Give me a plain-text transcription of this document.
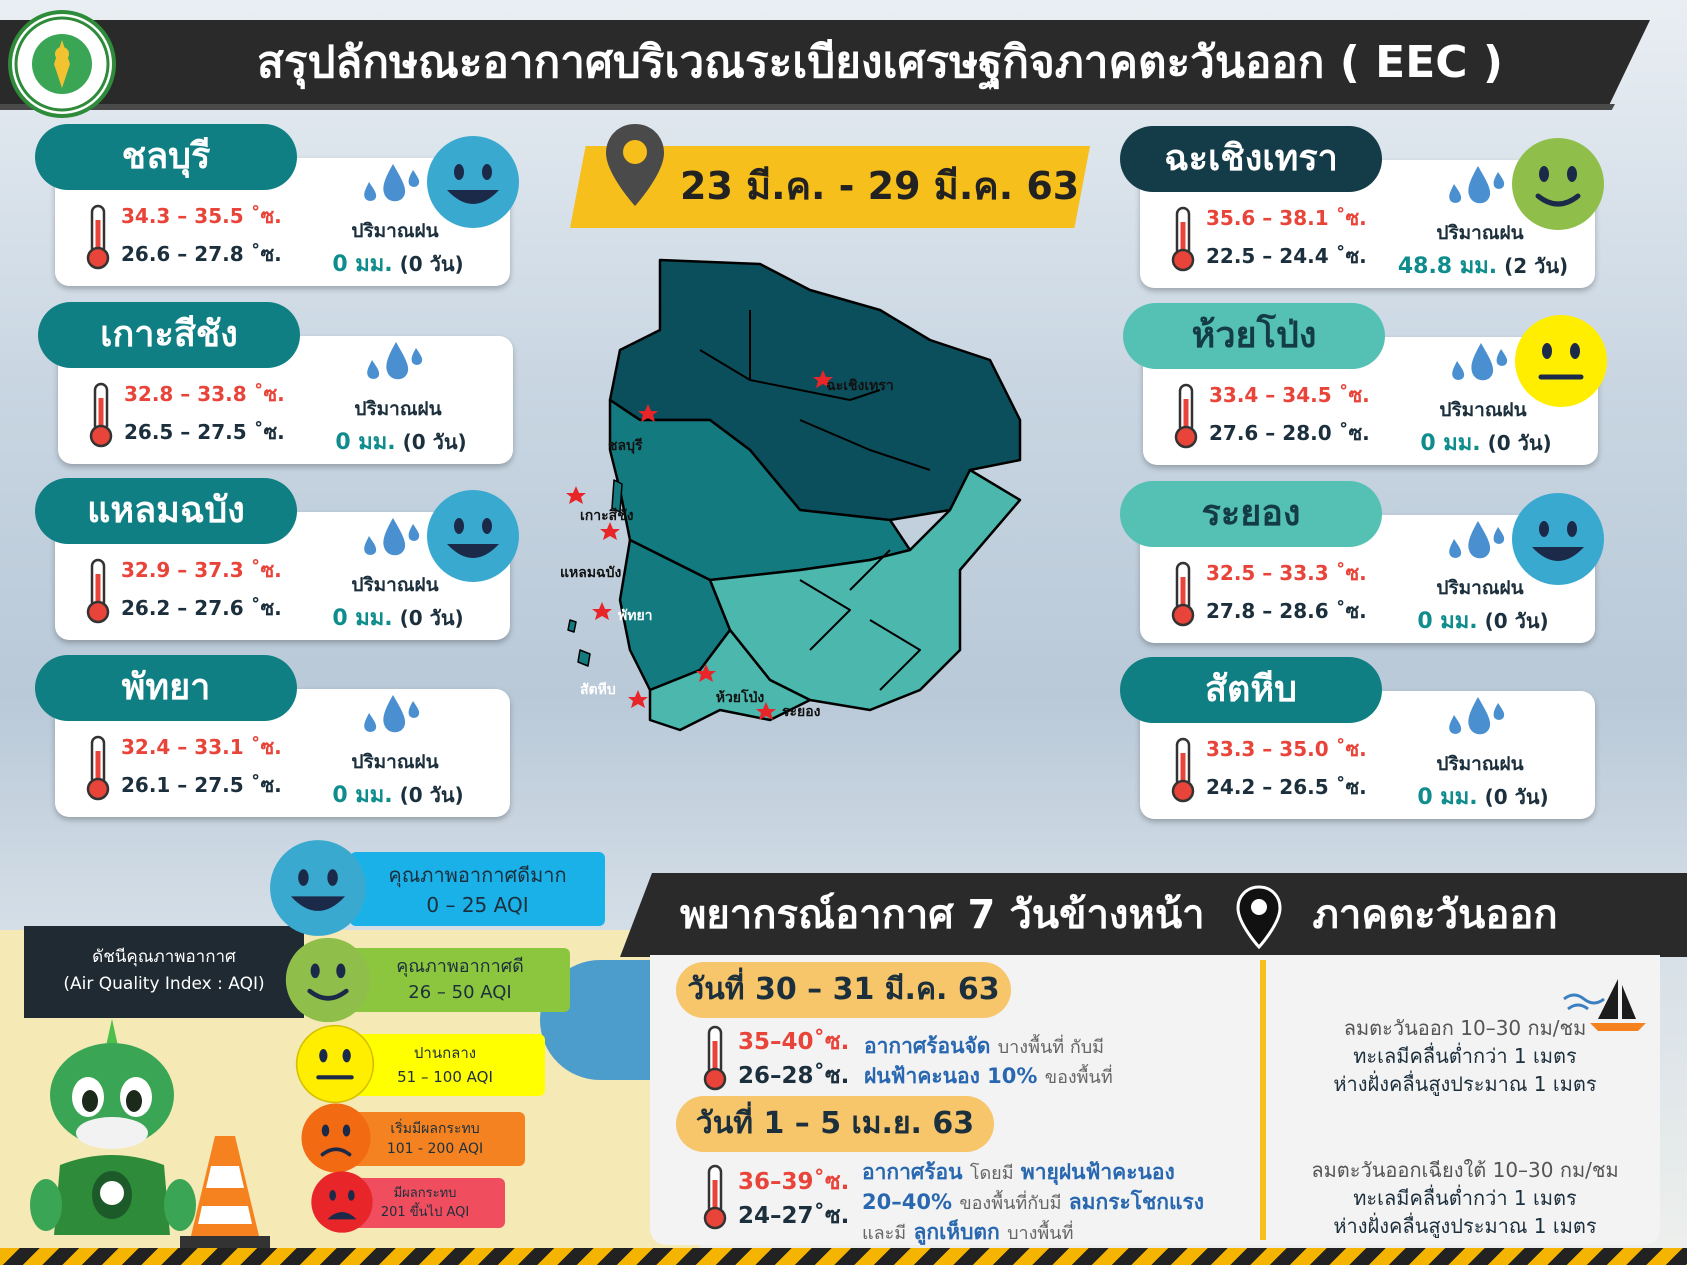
สรุปลักษณะอากาศบริเวณระเบียงเศรษฐกิจภาคตะวันออก ( EEC )
23 มี.ค. - 29 มี.ค. 63
ชลบุรี
34.3 – 35.5 ˚ซ.
26.6 – 27.8 ˚ซ.
ปริมาณฝน
0 มม. (0 วัน)
เกาะสีชัง
32.8 – 33.8 ˚ซ.
26.5 – 27.5 ˚ซ.
ปริมาณฝน
0 มม. (0 วัน)
แหลมฉบัง
32.9 – 37.3 ˚ซ.
26.2 – 27.6 ˚ซ.
ปริมาณฝน
0 มม. (0 วัน)
พัทยา
32.4 – 33.1 ˚ซ.
26.1 – 27.5 ˚ซ.
ปริมาณฝน
0 มม. (0 วัน)
ฉะเชิงเทรา
35.6 – 38.1 ˚ซ.
22.5 – 24.4 ˚ซ.
ปริมาณฝน
48.8 มม. (2 วัน)
ห้วยโป่ง
33.4 – 34.5 ˚ซ.
27.6 – 28.0 ˚ซ.
ปริมาณฝน
0 มม. (0 วัน)
ระยอง
32.5 – 33.3 ˚ซ.
27.8 – 28.6 ˚ซ.
ปริมาณฝน
0 มม. (0 วัน)
สัตหีบ
33.3 – 35.0 ˚ซ.
24.2 – 26.5 ˚ซ.
ปริมาณฝน
0 มม. (0 วัน)
ฉะเชิงเทรา
ชลบุรี
เกาะสีชัง
แหลมฉบัง
พัทยา
สัตหีบ	ห้วยโป่ง
ระยอง
ดัชนีคุณภาพอากาศ
(Air Quality Index : AQI)
คุณภาพอากาศดีมาก
0 – 25 AQI
คุณภาพอากาศดี
26 – 50 AQI
ปานกลาง
51 – 100 AQI
เริ่มมีผลกระทบ
101 - 200 AQI
มีผลกระทบ
201 ขึ้นไป AQI
พยากรณ์อากาศ 7 วันข้างหน้า	ภาคตะวันออก
วันที่ 30 – 31 มี.ค. 63
35–40˚ซ.
26–28˚ซ.
อากาศร้อนจัด บางพื้นที่ กับมี
ฝนฟ้าคะนอง 10% ของพื้นที่
ลมตะวันออก 10–30 กม/ชม
ทะเลมีคลื่นต่ำกว่า 1 เมตร
ห่างฝั่งคลื่นสูงประมาณ 1 เมตร
วันที่ 1 – 5 เม.ย. 63
36–39˚ซ.
24–27˚ซ.
อากาศร้อน โดยมี พายุฝนฟ้าคะนอง
20–40% ของพื้นที่กับมี ลมกระโชกแรง
และมี ลูกเห็บตก บางพื้นที่
ลมตะวันออกเฉียงใต้ 10–30 กม/ชม
ทะเลมีคลื่นต่ำกว่า 1 เมตร
ห่างฝั่งคลื่นสูงประมาณ 1 เมตร
